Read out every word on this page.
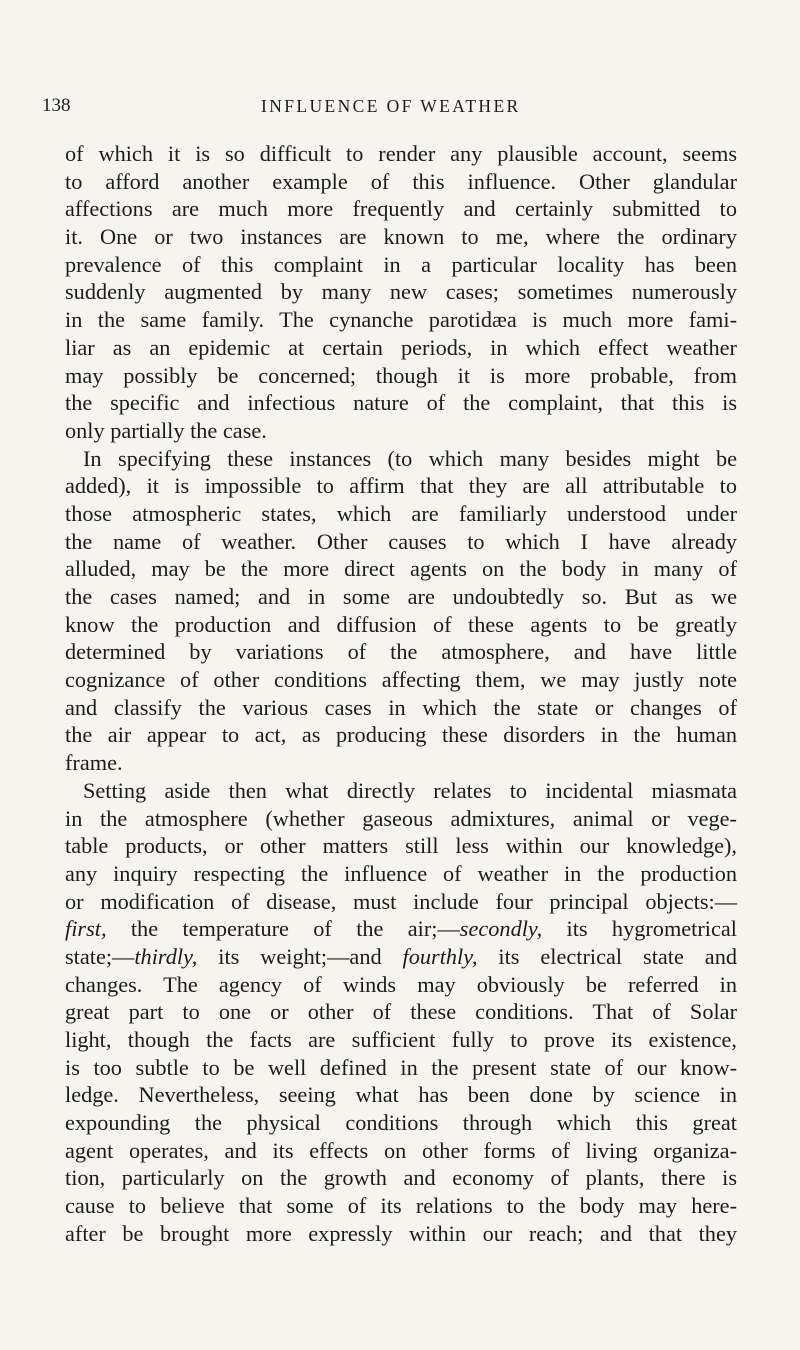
138	INFLUENCE OF WEATHER
of which it is so difficult to render any plausible account, seems
to afford another example of this influence. Other glandular
affections are much more frequently and certainly submitted to
it. One or two instances are known to me, where the ordinary
prevalence of this complaint in a particular locality has been
suddenly augmented by many new cases; sometimes numerously
in the same family. The cynanche parotidæa is much more fami-
liar as an epidemic at certain periods, in which effect weather
may possibly be concerned; though it is more probable, from
the specific and infectious nature of the complaint, that this is
only partially the case.
In specifying these instances (to which many besides might be
added), it is impossible to affirm that they are all attributable to
those atmospheric states, which are familiarly understood under
the name of weather. Other causes to which I have already
alluded, may be the more direct agents on the body in many of
the cases named; and in some are undoubtedly so. But as we
know the production and diffusion of these agents to be greatly
determined by variations of the atmosphere, and have little
cognizance of other conditions affecting them, we may justly note
and classify the various cases in which the state or changes of
the air appear to act, as producing these disorders in the human
frame.
Setting aside then what directly relates to incidental miasmata
in the atmosphere (whether gaseous admixtures, animal or vege-
table products, or other matters still less within our knowledge),
any inquiry respecting the influence of weather in the production
or modification of disease, must include four principal objects:—
first, the temperature of the air;—secondly, its hygrometrical
state;—thirdly, its weight;—and fourthly, its electrical state and
changes. The agency of winds may obviously be referred in
great part to one or other of these conditions. That of Solar
light, though the facts are sufficient fully to prove its existence,
is too subtle to be well defined in the present state of our know-
ledge. Nevertheless, seeing what has been done by science in
expounding the physical conditions through which this great
agent operates, and its effects on other forms of living organiza-
tion, particularly on the growth and economy of plants, there is
cause to believe that some of its relations to the body may here-
after be brought more expressly within our reach; and that they
